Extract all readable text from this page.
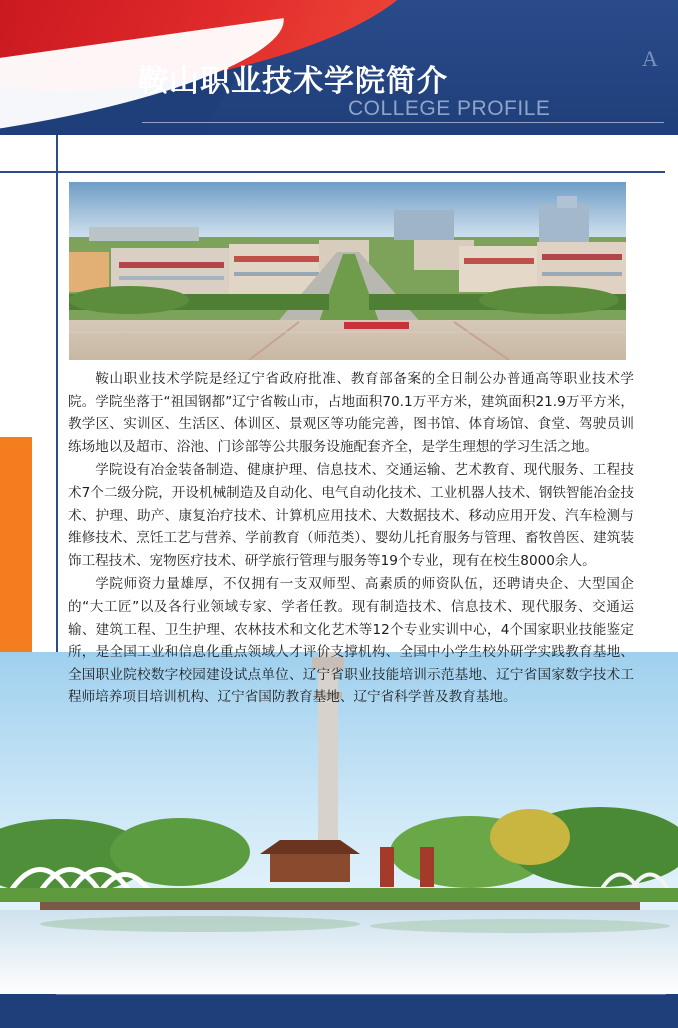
鞍山职业技术学院简介
COLLEGE PROFILE
A

鞍山职业技术学院是经辽宁省政府批准、教育部备案的全日制公办普通高等职业技术学院。学院坐落于“祖国钢都”辽宁省鞍山市，占地面积70.1万平方米，建筑面积21.9万平方米，教学区、实训区、生活区、体训区、景观区等功能完善，图书馆、体育场馆、食堂、驾驶员训练场地以及超市、浴池、门诊部等公共服务设施配套齐全，是学生理想的学习生活之地。

学院设有冶金装备制造、健康护理、信息技术、交通运输、艺术教育、现代服务、工程技术7个二级分院，开设机械制造及自动化、电气自动化技术、工业机器人技术、钢铁智能冶金技术、护理、助产、康复治疗技术、计算机应用技术、大数据技术、移动应用开发、汽车检测与维修技术、烹饪工艺与营养、学前教育（师范类）、婴幼儿托育服务与管理、畜牧兽医、建筑装饰工程技术、宠物医疗技术、研学旅行管理与服务等19个专业，现有在校生8000余人。

学院师资力量雄厚，不仅拥有一支双师型、高素质的师资队伍，还聘请央企、大型国企的“大工匠”以及各行业领域专家、学者任教。现有制造技术、信息技术、现代服务、交通运输、建筑工程、卫生护理、农林技术和文化艺术等12个专业实训中心，4个国家职业技能鉴定所，是全国工业和信息化重点领域人才评价支撑机构、全国中小学生校外研学实践教育基地、全国职业院校数字校园建设试点单位、辽宁省职业技能培训示范基地、辽宁省国家数字技术工程师培养项目培训机构、辽宁省国防教育基地、辽宁省科学普及教育基地。
